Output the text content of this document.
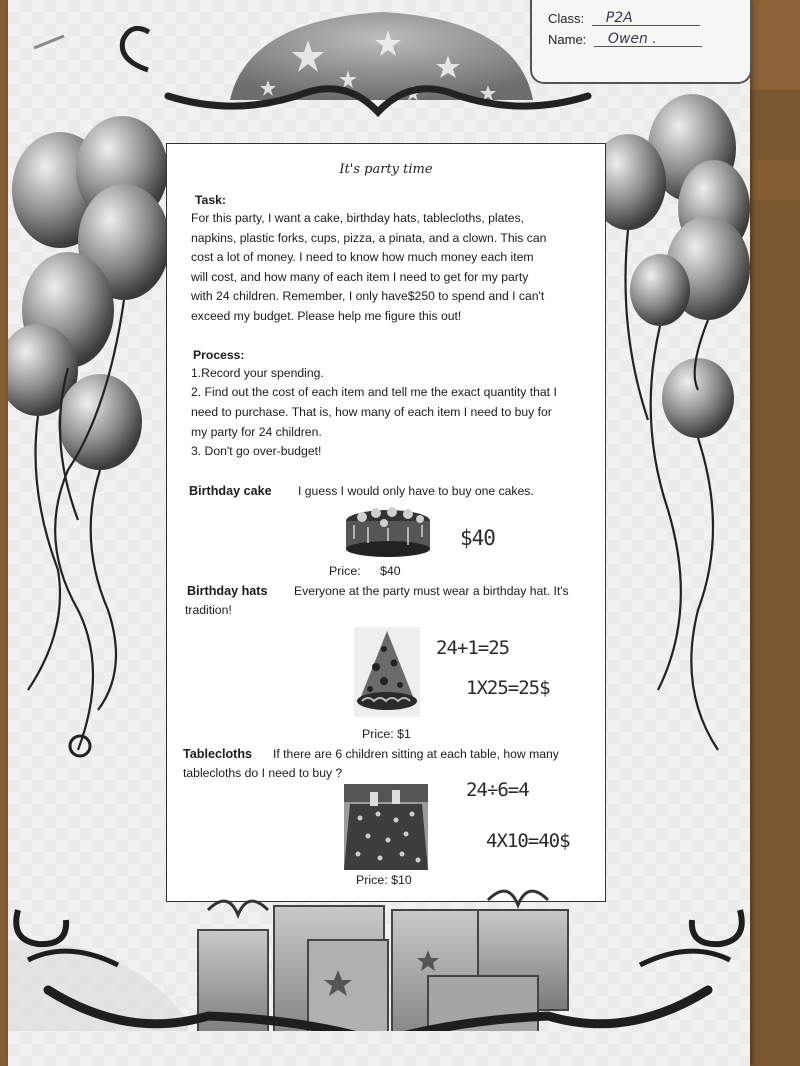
Class: P2A
Name: Owen .
It's party time
Task:
For this party, I want a cake, birthday hats, tablecloths, plates,
napkins, plastic forks, cups, pizza, a pinata, and a clown. This can
cost a lot of money. I need to know how much money each item
will cost, and how many of each item I need to get for my party
with 24 children. Remember, I only have$250 to spend and I can't
exceed my budget. Please help me figure this out!
Process:
1.Record your spending.
2. Find out the cost of each item and tell me the exact quantity that I
need to purchase. That is, how many of each item I need to buy for
my party for 24 children.
3. Don't go over-budget!
Birthday cake I guess I would only have to buy one cakes.
Price: $40
Birthday hats Everyone at the party must wear a birthday hat. It's
tradition!
Price: $1
Tablecloths If there are 6 children sitting at each table, how many
tablecloths do I need to buy ?
Price: $10
$40
24+1=25
1X25=25$
24÷6=4
4X10=40$
